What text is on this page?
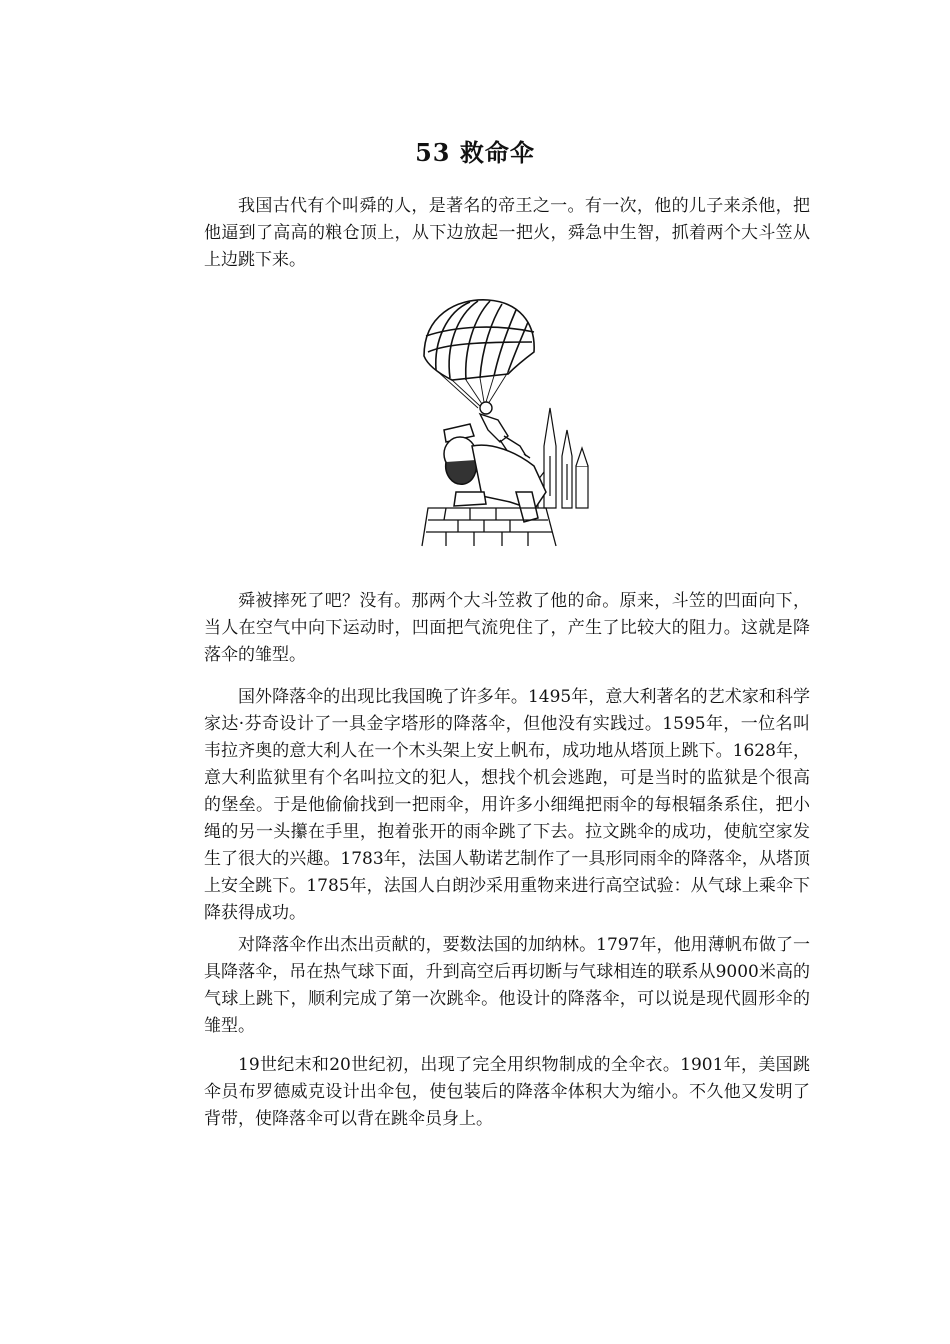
53 救命伞

我国古代有个叫舜的人，是著名的帝王之一。有一次，他的儿子来杀他，把他逼到了高高的粮仓顶上，从下边放起一把火，舜急中生智，抓着两个大斗笠从上边跳下来。

舜被摔死了吧？没有。那两个大斗笠救了他的命。原来，斗笠的凹面向下，当人在空气中向下运动时，凹面把气流兜住了，产生了比较大的阻力。这就是降落伞的雏型。

国外降落伞的出现比我国晚了许多年。1495年，意大利著名的艺术家和科学家达·芬奇设计了一具金字塔形的降落伞，但他没有实践过。1595年，一位名叫韦拉齐奥的意大利人在一个木头架上安上帆布，成功地从塔顶上跳下。1628年，意大利监狱里有个名叫拉文的犯人，想找个机会逃跑，可是当时的监狱是个很高的堡垒。于是他偷偷找到一把雨伞，用许多小细绳把雨伞的每根辐条系住，把小绳的另一头攥在手里，抱着张开的雨伞跳了下去。拉文跳伞的成功，使航空家发生了很大的兴趣。1783年，法国人勒诺艺制作了一具形同雨伞的降落伞，从塔顶上安全跳下。1785年，法国人白朗沙采用重物来进行高空试验：从气球上乘伞下降获得成功。

对降落伞作出杰出贡献的，要数法国的加纳林。1797年，他用薄帆布做了一具降落伞，吊在热气球下面，升到高空后再切断与气球相连的联系从9000米高的气球上跳下，顺利完成了第一次跳伞。他设计的降落伞，可以说是现代圆形伞的雏型。

19世纪末和20世纪初，出现了完全用织物制成的全伞衣。1901年，美国跳伞员布罗德威克设计出伞包，使包装后的降落伞体积大为缩小。不久他又发明了背带，使降落伞可以背在跳伞员身上。
